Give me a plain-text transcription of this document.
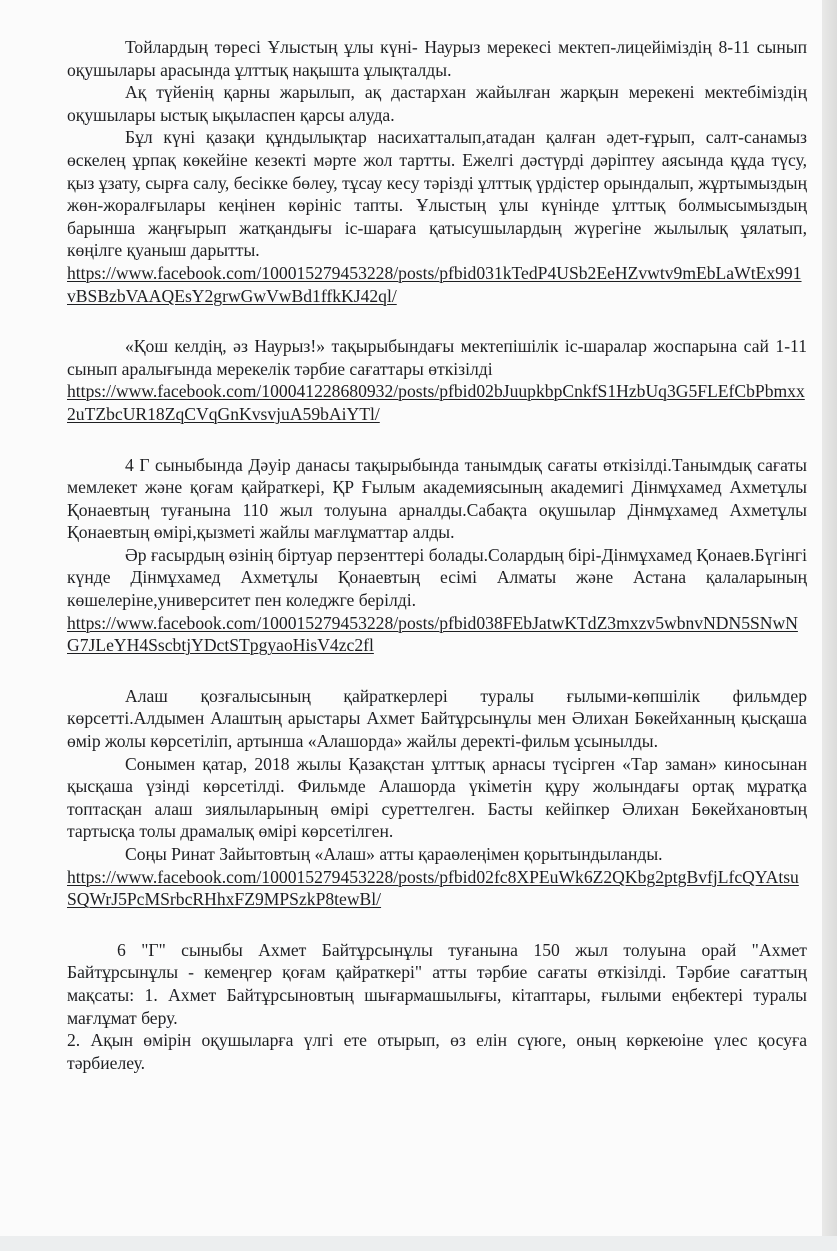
Тойлардың төресі Ұлыстың ұлы күні- Наурыз мерекесі мектеп-лицейіміздің 8-11 сынып оқушылары арасында ұлттық нақышта ұлықталды.

Ақ түйенің қарны жарылып, ақ дастархан жайылған жарқын мерекені мектебіміздің оқушылары ыстық ықыласпен қарсы алуда.

Бұл күні қазақи құндылықтар насихатталып,атадан қалған әдет-ғұрып, салт-санамыз өскелең ұрпақ көкейіне кезекті мәрте жол тартты. Ежелгі дәстүрді дәріптеу аясында құда түсу, қыз ұзату, сырға салу, бесікке бөлеу, тұсау кесу тәрізді ұлттық үрдістер орындалып, жұртымыздың жөн-жоралғылары кеңінен көрініс тапты. Ұлыстың ұлы күнінде ұлттық болмысымыздың барынша жаңғырып жатқандығы іс-шараға қатысушылардың жүрегіне жылылық ұялатып, көңілге қуаныш дарытты.

https://www.facebook.com/100015279453228/posts/pfbid031kTedP4USb2EeHZvwtv9mEbLaWtEx991vBSBzbVAAQEsY2grwGwVwBd1ffkKJ42ql/

«Қош келдің, әз Наурыз!» тақырыбындағы мектепішілік іс-шаралар жоспарына сай 1-11 сынып аралығында мерекелік тәрбие сағаттары өткізілді

https://www.facebook.com/100041228680932/posts/pfbid02bJuupkbpCnkfS1HzbUq3G5FLEfCbPbmxx2uTZbcUR18ZqCVqGnKvsvjuA59bAiYTl/

4 Г сыныбында Дәуір данасы тақырыбында танымдық сағаты өткізілді.Танымдық сағаты мемлекет және қоғам қайраткері, ҚР Ғылым академиясының академигі Дінмұхамед Ахметұлы Қонаевтың туғанына 110 жыл толуына арналды.Сабақта оқушылар Дінмұхамед Ахметұлы Қонаевтың өмірі,қызметі жайлы мағлұматтар алды.

Әр ғасырдың өзінің біртуар перзенттері болады.Солардың бірі-Дінмұхамед Қонаев.Бүгінгі күнде Дінмұхамед Ахметұлы Қонаевтың есімі Алматы және Астана қалаларының көшелеріне,университет пен коледжге берілді.

https://www.facebook.com/100015279453228/posts/pfbid038FEbJatwKTdZ3mxzv5wbnvNDN5SNwNG7JLeYH4SscbtjYDctSTpgyaoHisV4zc2fl

Алаш қозғалысының қайраткерлері туралы ғылыми-көпшілік фильмдер көрсетті.Алдымен Алаштың арыстары Ахмет Байтұрсынұлы мен Әлихан Бөкейханның қысқаша өмір жолы көрсетіліп, артынша «Алашорда» жайлы деректі-фильм ұсынылды.

Сонымен қатар, 2018 жылы Қазақстан ұлттық арнасы түсірген «Тар заман» киносынан қысқаша үзінді көрсетілді. Фильмде Алашорда үкіметін құру жолындағы ортақ мұратқа топтасқан алаш зиялыларының өмірі суреттелген. Басты кейіпкер Әлихан Бөкейхановтың тартысқа толы драмалық өмірі көрсетілген.

Соңы Ринат Зайытовтың «Алаш» атты қараөлеңімен қорытындыланды.

https://www.facebook.com/100015279453228/posts/pfbid02fc8XPEuWk6Z2QKbg2ptgBvfjLfcQYAtsuSQWrJ5PcMSrbcRHhxFZ9MPSzkP8tewBl/

6 "Г" сыныбы Ахмет Байтұрсынұлы туғанына 150 жыл толуына орай "Ахмет Байтұрсынұлы - кемеңгер қоғам қайраткері" атты тәрбие сағаты өткізілді. Тәрбие сағаттың мақсаты: 1. Ахмет Байтұрсыновтың шығармашылығы, кітаптары, ғылыми еңбектері туралы мағлұмат беру.

2. Ақын өмірін оқушыларға үлгі ете отырып, өз елін сүюге, оның көркеюіне үлес қосуға тәрбиелеу.
